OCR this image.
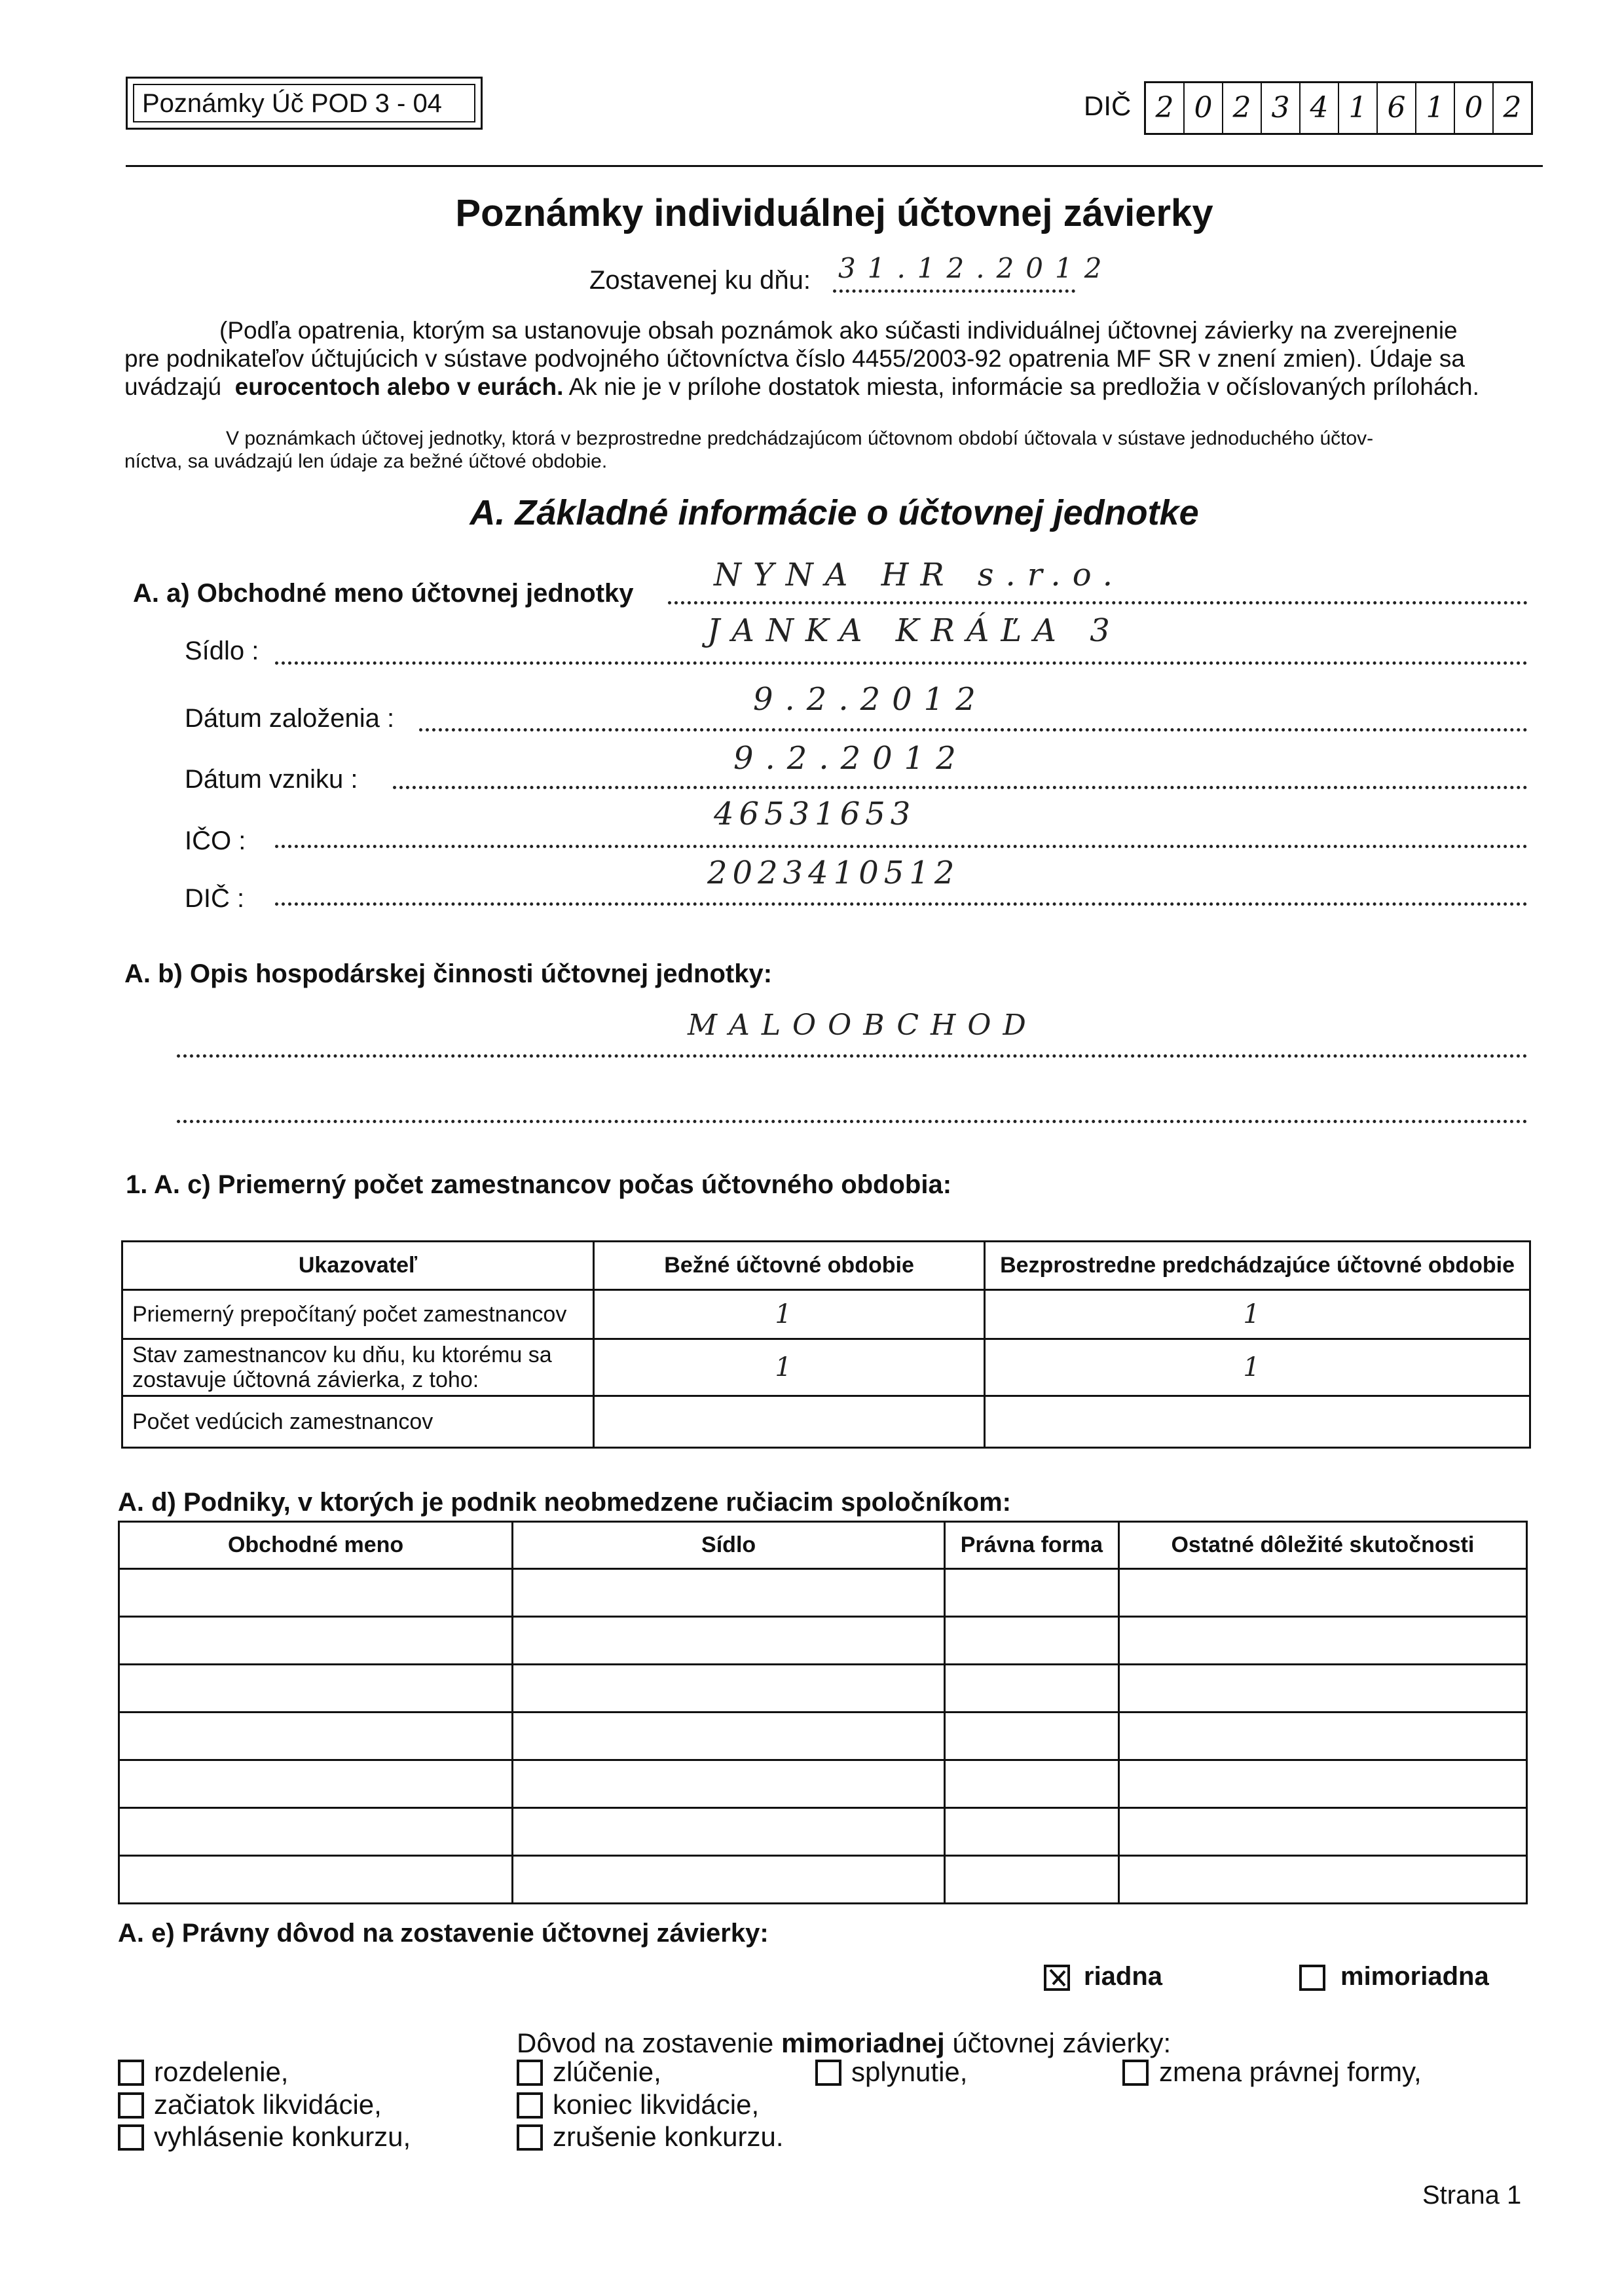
Poznámky Úč POD 3 - 04	DIČ 2 0 2 3 4 1 6 1 0 2
Poznámky individuálnej účtovnej závierky
Zostavenej ku dňu: 31.12.2012
(Podľa opatrenia, ktorým sa ustanovuje obsah poznámok ako súčasti individuálnej účtovnej závierky na zverejnenie
pre podnikateľov účtujúcich v sústave podvojného účtovníctva číslo 4455/2003-92 opatrenia MF SR v znení zmien). Údaje sa
uvádzajú eurocentoch alebo v eurách. Ak nie je v prílohe dostatok miesta, informácie sa predložia v očíslovaných prílohách.
V poznámkach účtovej jednotky, ktorá v bezprostredne predchádzajúcom účtovnom období účtovala v sústave jednoduchého účtov-
níctva, sa uvádzajú len údaje za bežné účtové obdobie.
A. Základné informácie o účtovnej jednotke
A. a) Obchodné meno účtovnej jednotky	NYNA HR s.r.o.
Sídlo :
JANKA KRÁĽA 3
Dátum založenia :
9.2.2012
Dátum vzniku :
9.2.2012
IČO :
46531653
DIČ :
2023410512
A. b) Opis hospodárskej činnosti účtovnej jednotky:
MALOOBCHOD
1. A. c) Priemerný počet zamestnancov počas účtovného obdobia:
Ukazovateľ	Bežné účtovné obdobie	Bezprostredne predchádzajúce účtovné obdobie
Priemerný prepočítaný počet zamestnancov	1	1
Stav zamestnancov ku dňu, ku ktorému sa
zostavuje účtovná závierka, z toho:	1	1
Počet vedúcich zamestnancov		
A. d) Podniky, v ktorých je podnik neobmedzene ručiacim spoločníkom:
Obchodné meno	Sídlo	Právna forma	Ostatné dôležité skutočnosti

A. e) Právny dôvod na zostavenie účtovnej závierky:
riadna	mimoriadna
Dôvod na zostavenie mimoriadnej účtovnej závierky:
rozdelenie,
začiatok likvidácie,
vyhlásenie konkurzu,
zlúčenie,
koniec likvidácie,
zrušenie konkurzu.
splynutie,	zmena právnej formy,
Strana 1
